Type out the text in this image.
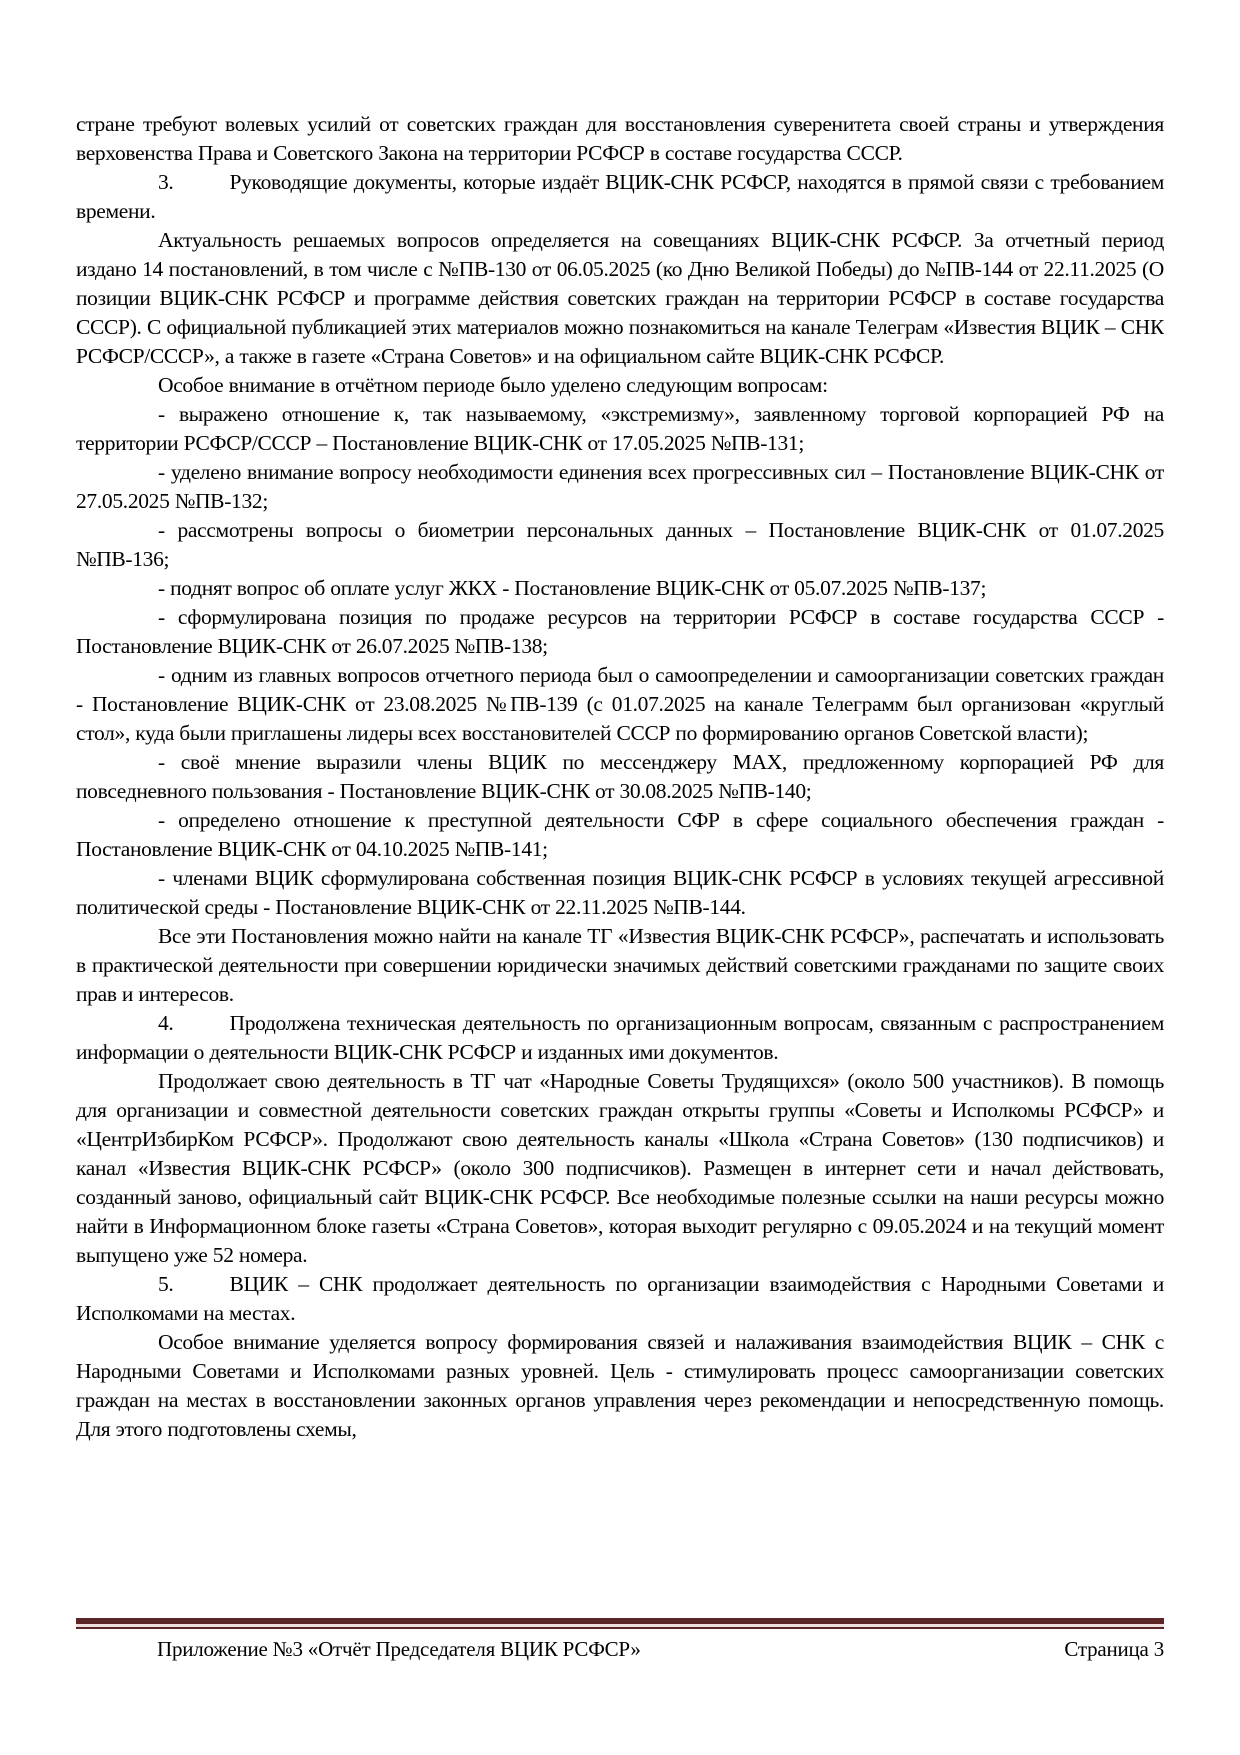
стране требуют волевых усилий от советских граждан для восстановления суверенитета своей страны и утверждения верховенства Права и Советского Закона на территории РСФСР в составе государства СССР.

3.	Руководящие документы, которые издаёт ВЦИК-СНК РСФСР, находятся в прямой связи с требованием времени.

Актуальность решаемых вопросов определяется на совещаниях ВЦИК-СНК РСФСР. За отчетный период издано 14 постановлений, в том числе с №ПВ-130 от 06.05.2025 (ко Дню Великой Победы) до №ПВ-144 от 22.11.2025 (О позиции ВЦИК-СНК РСФСР и программе действия советских граждан на территории РСФСР в составе государства СССР). С официальной публикацией этих материалов можно познакомиться на канале Телеграм «Известия ВЦИК – СНК РСФСР/СССР», а также в газете «Страна Советов» и на официальном сайте ВЦИК-СНК РСФСР.

Особое внимание в отчётном периоде было уделено следующим вопросам:

- выражено отношение к, так называемому, «экстремизму», заявленному торговой корпорацией РФ на территории РСФСР/СССР – Постановление ВЦИК-СНК от 17.05.2025 №ПВ-131;

- уделено внимание вопросу необходимости единения всех прогрессивных сил – Постановление ВЦИК-СНК от 27.05.2025 №ПВ-132;

- рассмотрены вопросы о биометрии персональных данных – Постановление ВЦИК-СНК от 01.07.2025 №ПВ-136;

- поднят вопрос об оплате услуг ЖКХ - Постановление ВЦИК-СНК от 05.07.2025 №ПВ-137;

- сформулирована позиция по продаже ресурсов на территории РСФСР в составе государства СССР - Постановление ВЦИК-СНК от 26.07.2025 №ПВ-138;

- одним из главных вопросов отчетного периода был о самоопределении и самоорганизации советских граждан - Постановление ВЦИК-СНК от 23.08.2025 №ПВ-139 (с 01.07.2025 на канале Телеграмм был организован «круглый стол», куда были приглашены лидеры всех восстановителей СССР по формированию органов Советской власти);

- своё мнение выразили члены ВЦИК по мессенджеру MAX, предложенному корпорацией РФ для повседневного пользования - Постановление ВЦИК-СНК от 30.08.2025 №ПВ-140;

- определено отношение к преступной деятельности СФР в сфере социального обеспечения граждан - Постановление ВЦИК-СНК от 04.10.2025 №ПВ-141;

- членами ВЦИК сформулирована собственная позиция ВЦИК-СНК РСФСР в условиях текущей агрессивной политической среды - Постановление ВЦИК-СНК от 22.11.2025 №ПВ-144.

Все эти Постановления можно найти на канале ТГ «Известия ВЦИК-СНК РСФСР», распечатать и использовать в практической деятельности при совершении юридически значимых действий советскими гражданами по защите своих прав и интересов.

4.	Продолжена техническая деятельность по организационным вопросам, связанным с распространением информации о деятельности ВЦИК-СНК РСФСР и изданных ими документов.

Продолжает свою деятельность в ТГ чат «Народные Советы Трудящихся» (около 500 участников). В помощь для организации и совместной деятельности советских граждан открыты группы «Советы и Исполкомы РСФСР» и «ЦентрИзбирКом РСФСР». Продолжают свою деятельность каналы «Школа «Страна Советов» (130 подписчиков) и канал «Известия ВЦИК-СНК РСФСР» (около 300 подписчиков). Размещен в интернет сети и начал действовать, созданный заново, официальный сайт ВЦИК-СНК РСФСР. Все необходимые полезные ссылки на наши ресурсы можно найти в Информационном блоке газеты «Страна Советов», которая выходит регулярно с 09.05.2024 и на текущий момент выпущено уже 52 номера.

5.	ВЦИК – СНК продолжает деятельность по организации взаимодействия с Народными Советами и Исполкомами на местах.

Особое внимание уделяется вопросу формирования связей и налаживания взаимодействия ВЦИК – СНК с Народными Советами и Исполкомами разных уровней. Цель - стимулировать процесс самоорганизации советских граждан на местах в восстановлении законных органов управления через рекомендации и непосредственную помощь. Для этого подготовлены схемы,

Приложение №3 «Отчёт Председателя ВЦИК РСФСР»	Страница 3
